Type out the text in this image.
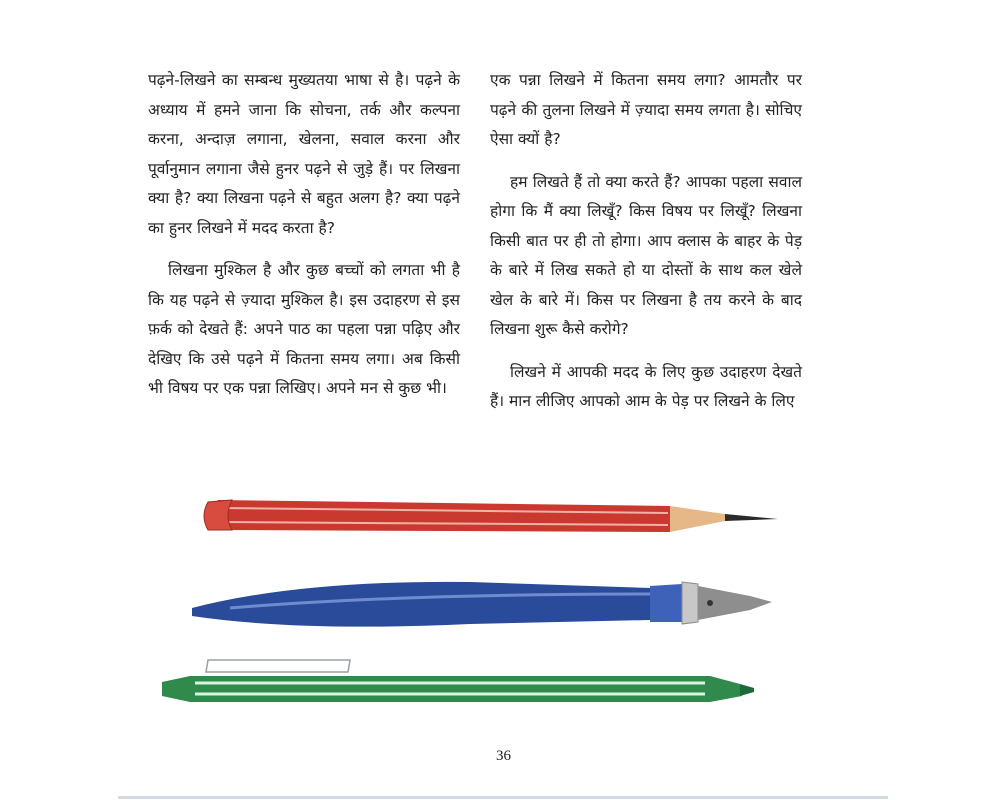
पढ़ने-लिखने का सम्बन्ध मुख्यतया भाषा से है। पढ़ने के अध्याय में हमने जाना कि सोचना, तर्क और कल्पना करना, अन्दाज़ लगाना, खेलना, सवाल करना और पूर्वानुमान लगाना जैसे हुनर पढ़ने से जुड़े हैं। पर लिखना क्या है? क्या लिखना पढ़ने से बहुत अलग है? क्या पढ़ने का हुनर लिखने में मदद करता है?

लिखना मुश्किल है और कुछ बच्चों को लगता भी है कि यह पढ़ने से ज़्यादा मुश्किल है। इस उदाहरण से इस फ़र्क को देखते हैं: अपने पाठ का पहला पन्ना पढ़िए और देखिए कि उसे पढ़ने में कितना समय लगा। अब किसी भी विषय पर एक पन्ना लिखिए। अपने मन से कुछ भी।

एक पन्ना लिखने में कितना समय लगा? आमतौर पर पढ़ने की तुलना लिखने में ज़्यादा समय लगता है। सोचिए ऐसा क्यों है?

हम लिखते हैं तो क्या करते हैं? आपका पहला सवाल होगा कि मैं क्या लिखूँ? किस विषय पर लिखूँ? लिखना किसी बात पर ही तो होगा। आप क्लास के बाहर के पेड़ के बारे में लिख सकते हो या दोस्तों के साथ कल खेले खेल के बारे में। किस पर लिखना है तय करने के बाद लिखना शुरू कैसे करोगे?

लिखने में आपकी मदद के लिए कुछ उदाहरण देखते हैं। मान लीजिए आपको आम के पेड़ पर लिखने के लिए

36
